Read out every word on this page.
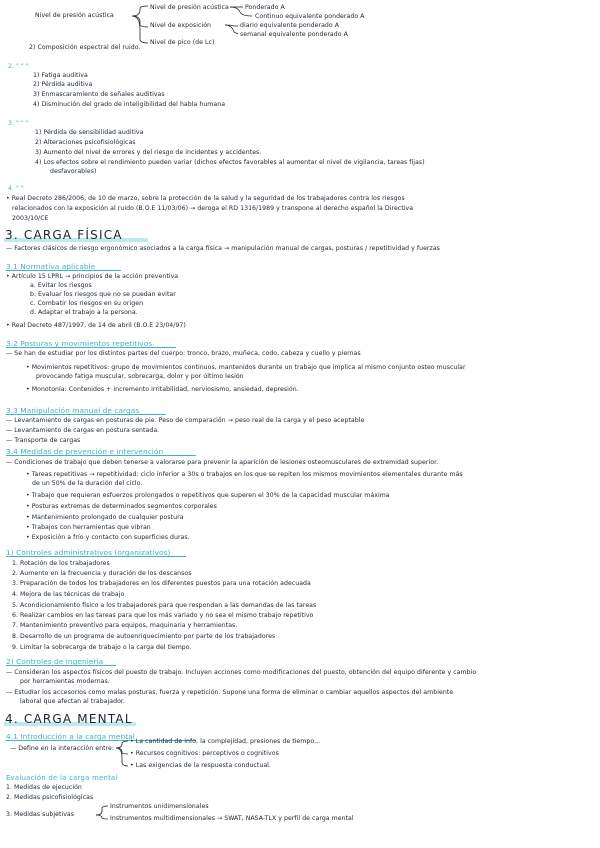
Nivel de presión acústica
Nivel de presión acústica	Ponderado A
Continuo equivalente ponderado A
Nivel de exposición	diario equivalente ponderado A
semanal equivalente ponderado A
Nivel de pico (de Lc)
2) Composición espectral del ruido.
2. " " "
1) Fatiga auditiva
2) Pérdida auditiva
3) Enmascaramiento de señales auditivas
4) Disminución del grado de inteligibilidad del habla humana
3. " " "
1) Pérdida de sensibilidad auditiva
2) Alteraciones psicofisiológicas
3) Aumento del nivel de errores y del riesgo de incidentes y accidentes.
4) Los efectos sobre el rendimiento pueden variar (dichos efectos favorables al aumentar el nivel de vigilancia, tareas fijas)
desfavorables)
4. " "
• Real Decreto 286/2006, de 10 de marzo, sobre la protección de la salud y la seguridad de los trabajadores contra los riesgos
relacionados con la exposición al ruido (B.O.E 11/03/06) → deroga el RD 1316/1989 y transpone al derecho español la Directiva
2003/10/CE
3. CARGA FÍSICA
— Factores clásicos de riesgo ergonómico asociados a la carga física → manipulación manual de cargas, posturas / repetitividad y fuerzas
3.1 Normativa aplicable
• Artículo 15 LPRL → principios de la acción preventiva
a. Evitar los riesgos
b. Evaluar los riesgos que no se puedan evitar
c. Combatir los riesgos en su origen
d. Adaptar el trabajo a la persona.
• Real Decreto 487/1997, de 14 de abril (B.O.E 23/04/97)
3.2 Posturas y movimientos repetitivos
— Se han de estudiar por los distintos partes del cuerpo: tronco, brazo, muñeca, codo, cabeza y cuello y piernas
• Movimientos repetitivos: grupo de movimientos continuos, mantenidos durante un trabajo que implica al mismo conjunto osteo muscular
provocando fatiga muscular, sobrecarga, dolor y por último lesión
• Monotonía: Contenidos + incremento irritabilidad, nerviosismo, ansiedad, depresión.
3.3 Manipulación manual de cargas
— Levantamiento de cargas en posturas de pie. Peso de comparación → peso real de la carga y el peso aceptable
— Levantamiento de cargas en postura sentada.
— Transporte de cargas
3.4 Medidas de prevención e intervención
— Condiciones de trabajo que deben tenerse a valorarse para prevenir la aparición de lesiones osteomusculares de extremidad superior.
• Tareas repetitivas → repetitividad: ciclo inferior a 30s o trabajos en los que se repiten los mismos movimientos elementales durante más
de un 50% de la duración del ciclo.
• Trabajo que requieran esfuerzos prolongados o repetitivos que superen el 30% de la capacidad muscular máxima
• Posturas extremas de determinados segmentos corporales
• Mantenimiento prolongado de cualquier postura
• Trabajos con herramientas que vibran
• Exposición a frío y contacto con superficies duras.
1) Controles administrativos (organizativos)
1. Rotación de los trabajadores
2. Aumento en la frecuencia y duración de los descansos
3. Preparación de todos los trabajadores en los diferentes puestos para una rotación adecuada
4. Mejora de las técnicas de trabajo
5. Acondicionamiento físico a los trabajadores para que respondan a las demandas de las tareas
6. Realizar cambios en las tareas para que los más variado y no sea el mismo trabajo repetitivo
7. Mantenimiento preventivo para equipos, maquinaria y herramientas.
8. Desarrollo de un programa de autoenriquecimiento por parte de los trabajadores
9. Limitar la sobrecarga de trabajo o la carga del tiempo.
2) Controles de ingeniería
— Consideran los aspectos físicos del puesto de trabajo. Incluyen acciones como modificaciones del puesto, obtención del equipo diferente y cambio
por herramientas modernas.
— Estudiar los accesorios como malas posturas, fuerza y repetición. Supone una forma de eliminar o cambiar aquellos aspectos del ambiente
laboral que afectan al trabajador.
4. CARGA MENTAL
4.1 Introducción a la carga mental
— Define en la interacción entre:
• La cantidad de info, la complejidad, presiones de tiempo...
• Recursos cognitivos: perceptivos o cognitivos
• Las exigencias de la respuesta conductual.
Evaluación de la carga mental
1. Medidas de ejecución
2. Medidas psicofisiológicas
3. Medidas subjetivas
Instrumentos unidimensionales
Instrumentos multidimensionales → SWAT, NASA-TLX y perfil de carga mental
